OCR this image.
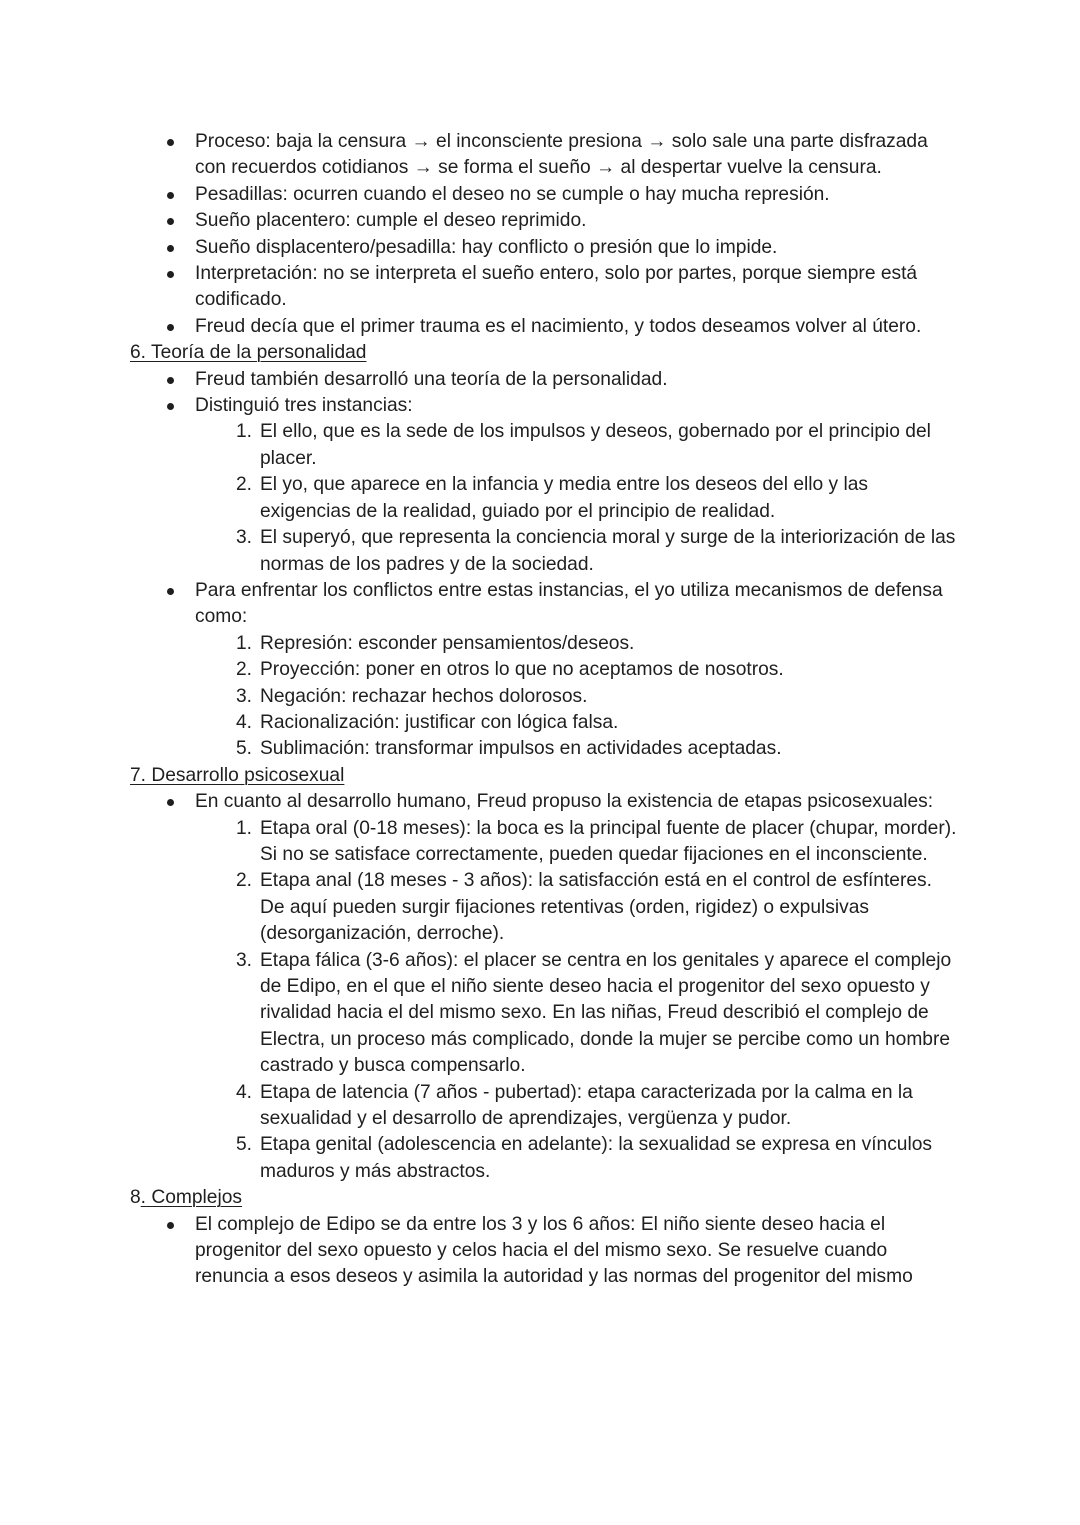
Proceso: baja la censura → el inconsciente presiona → solo sale una parte disfrazada con recuerdos cotidianos → se forma el sueño → al despertar vuelve la censura.
Pesadillas: ocurren cuando el deseo no se cumple o hay mucha represión.
Sueño placentero: cumple el deseo reprimido.
Sueño displacentero/pesadilla: hay conflicto o presión que lo impide.
Interpretación: no se interpreta el sueño entero, solo por partes, porque siempre está codificado.
Freud decía que el primer trauma es el nacimiento, y todos deseamos volver al útero.

6. Teoría de la personalidad

Freud también desarrolló una teoría de la personalidad.
Distinguió tres instancias:
1. El ello, que es la sede de los impulsos y deseos, gobernado por el principio del placer.
2. El yo, que aparece en la infancia y media entre los deseos del ello y las exigencias de la realidad, guiado por el principio de realidad.
3. El superyó, que representa la conciencia moral y surge de la interiorización de las normas de los padres y de la sociedad.
Para enfrentar los conflictos entre estas instancias, el yo utiliza mecanismos de defensa como:
1. Represión: esconder pensamientos/deseos.
2. Proyección: poner en otros lo que no aceptamos de nosotros.
3. Negación: rechazar hechos dolorosos.
4. Racionalización: justificar con lógica falsa.
5. Sublimación: transformar impulsos en actividades aceptadas.

7. Desarrollo psicosexual

En cuanto al desarrollo humano, Freud propuso la existencia de etapas psicosexuales:
1. Etapa oral (0-18 meses): la boca es la principal fuente de placer (chupar, morder). Si no se satisface correctamente, pueden quedar fijaciones en el inconsciente.
2. Etapa anal (18 meses - 3 años): la satisfacción está en el control de esfínteres. De aquí pueden surgir fijaciones retentivas (orden, rigidez) o expulsivas (desorganización, derroche).
3. Etapa fálica (3-6 años): el placer se centra en los genitales y aparece el complejo de Edipo, en el que el niño siente deseo hacia el progenitor del sexo opuesto y rivalidad hacia el del mismo sexo. En las niñas, Freud describió el complejo de Electra, un proceso más complicado, donde la mujer se percibe como un hombre castrado y busca compensarlo.
4. Etapa de latencia (7 años - pubertad): etapa caracterizada por la calma en la sexualidad y el desarrollo de aprendizajes, vergüenza y pudor.
5. Etapa genital (adolescencia en adelante): la sexualidad se expresa en vínculos maduros y más abstractos.

8. Complejos

El complejo de Edipo se da entre los 3 y los 6 años: El niño siente deseo hacia el progenitor del sexo opuesto y celos hacia el del mismo sexo. Se resuelve cuando renuncia a esos deseos y asimila la autoridad y las normas del progenitor del mismo
